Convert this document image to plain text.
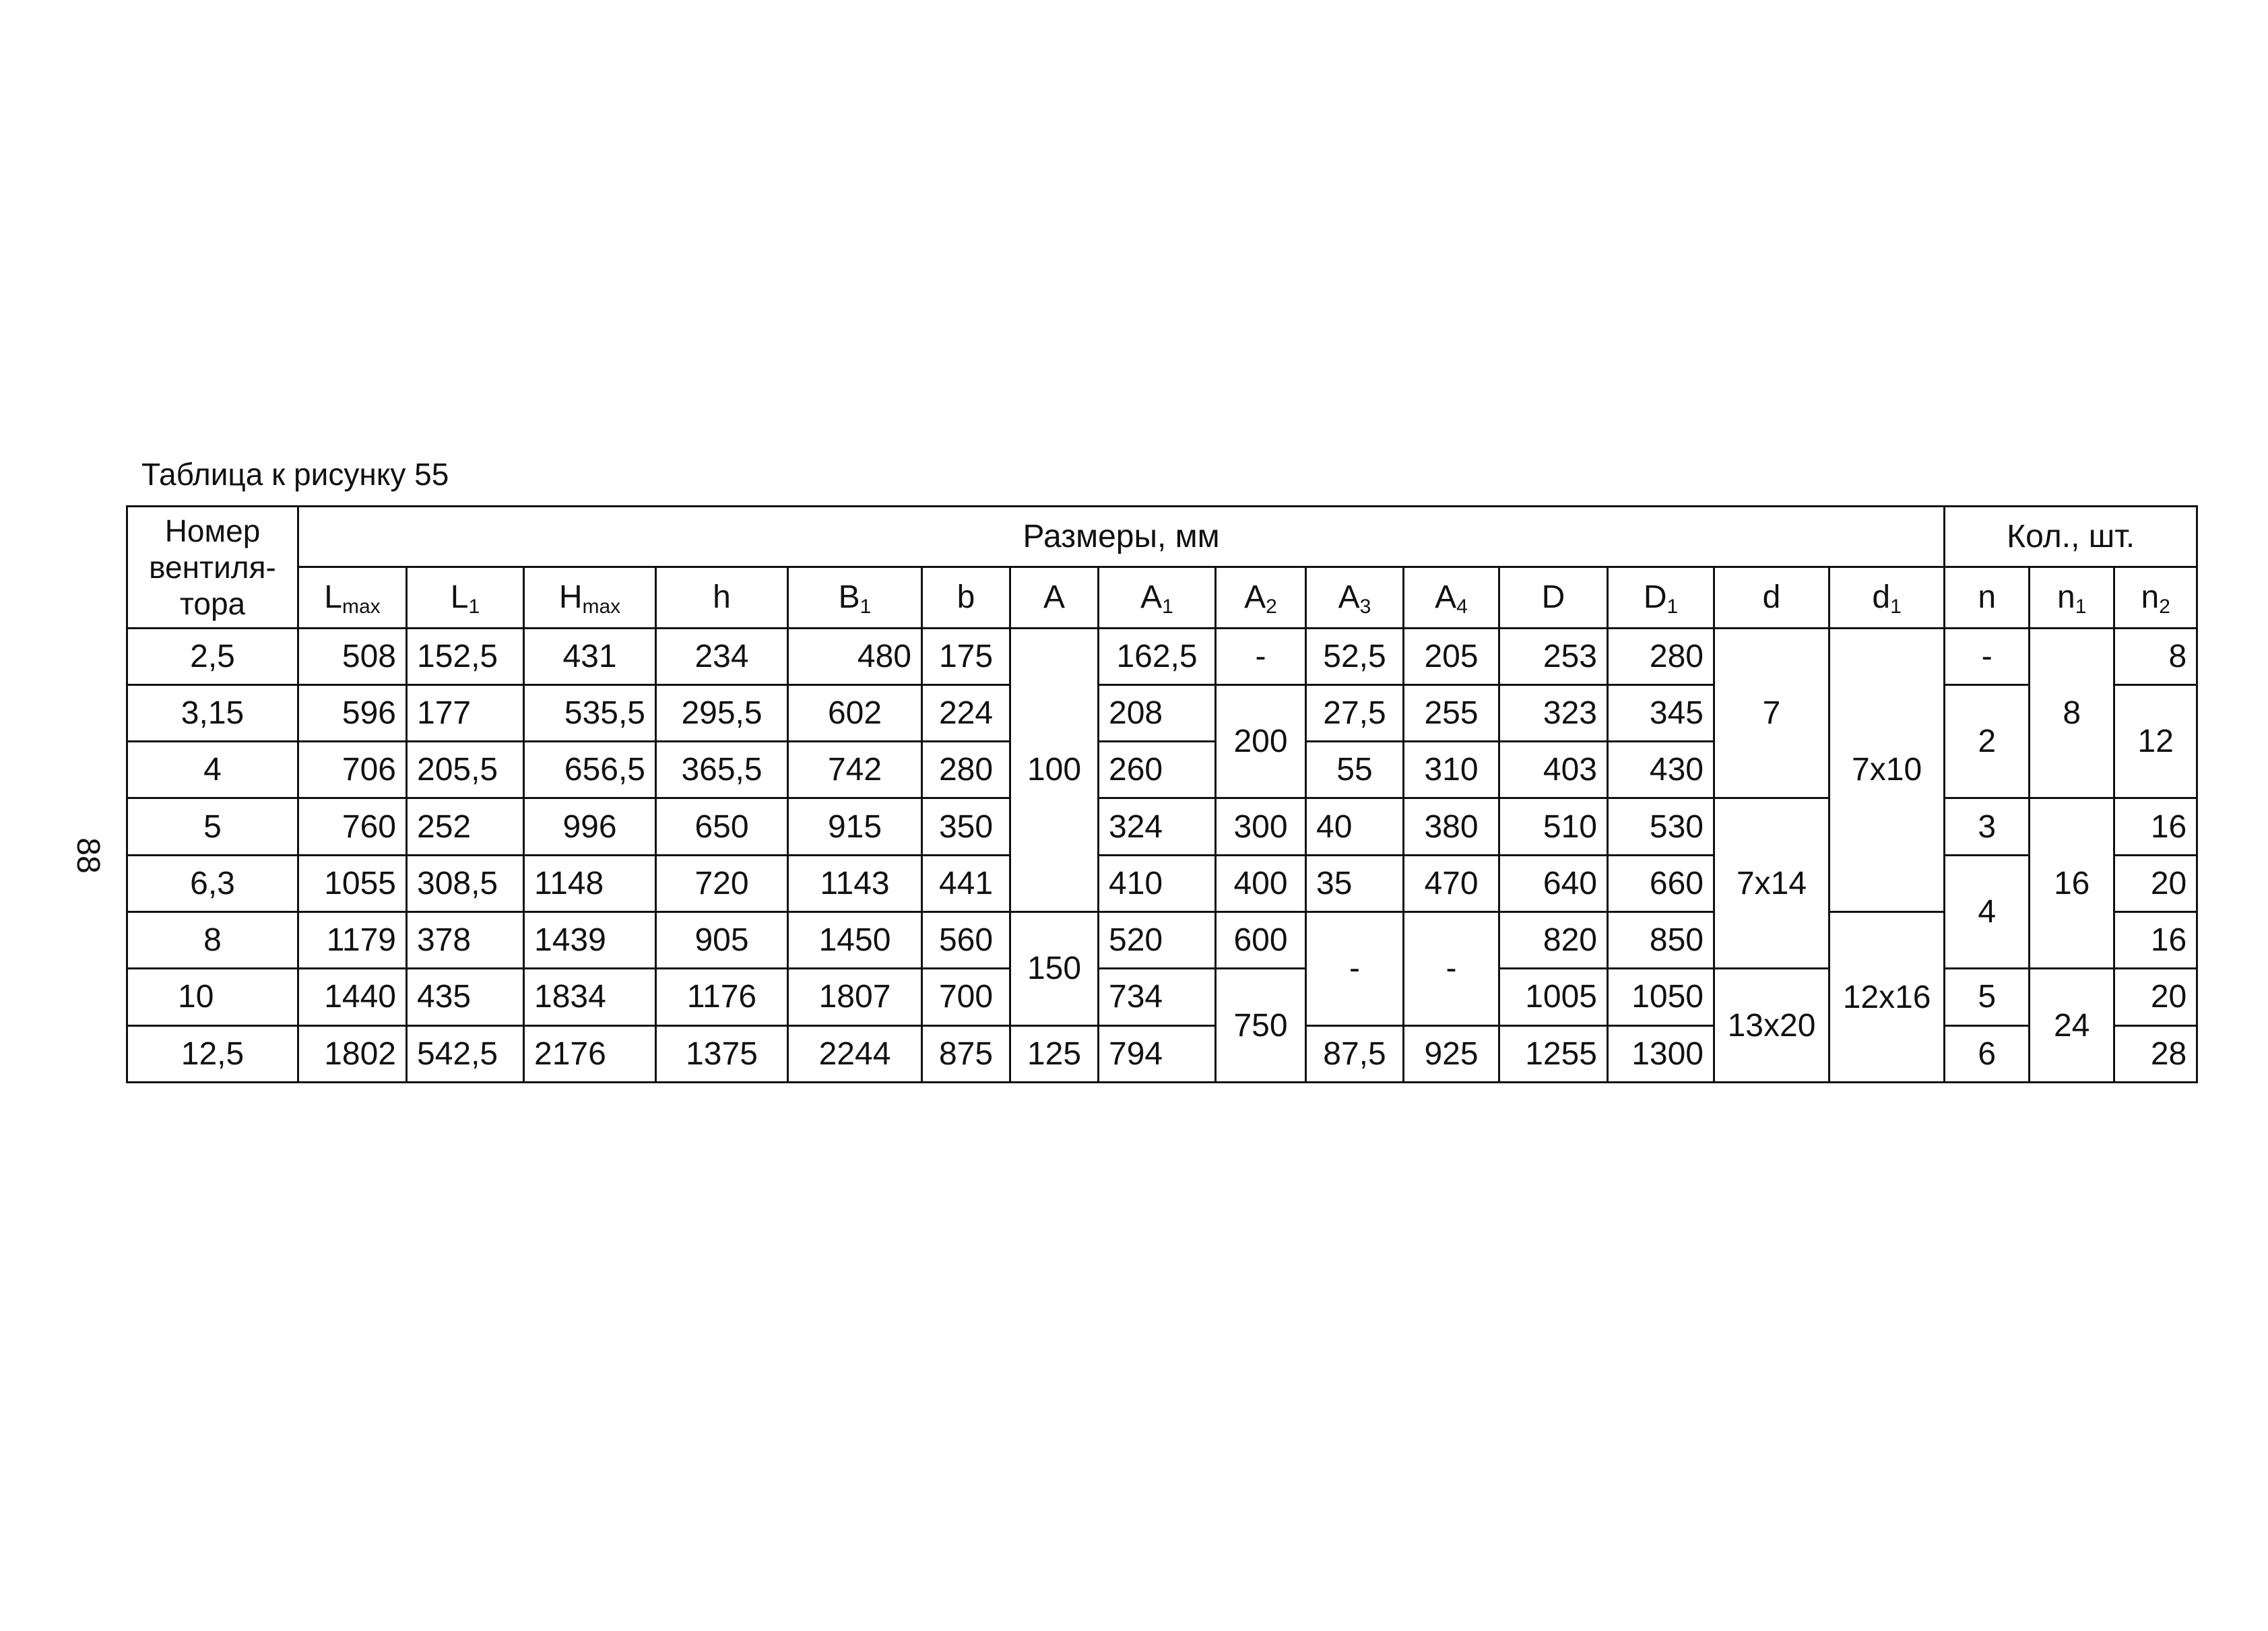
88
Таблица к рисунку 55
Номер вентиля-тора	Размеры, мм															Кол., шт.		
	$L_{max}$	$L_1$	$H_{max}$	h	$B_1$	b	A	$A_1$	$A_2$	$A_3$	$A_4$	D	$D_1$	d	$d_1$	n	$n_1$	$n_2$
2,5	508	152,5	431	234	480	175	100	162,5	-	52,5	205	253	280	7	7x10	-	8	8
3,15	596	177	535,5	295,5	602	224		208	200	27,5	255	323	345			2		12
4	706	205,5	656,5	365,5	742	280		260		55	310	403	430					
5	760	252	996	650	915	350		324	300	40	380	510	530	7x14		3	16	16
6,3	1055	308,5	1148	720	1143	441		410	400	35	470	640	660			4		20
8	1179	378	1439	905	1450	560	150	520	600	-	-	820	850		12x16			16
10	1440	435	1834	1176	1807	700		734	750			1005	1050	13x20		5	24	20
12,5	1802	542,5	2176	1375	2244	875	125	794		87,5	925	1255	1300			6		28
